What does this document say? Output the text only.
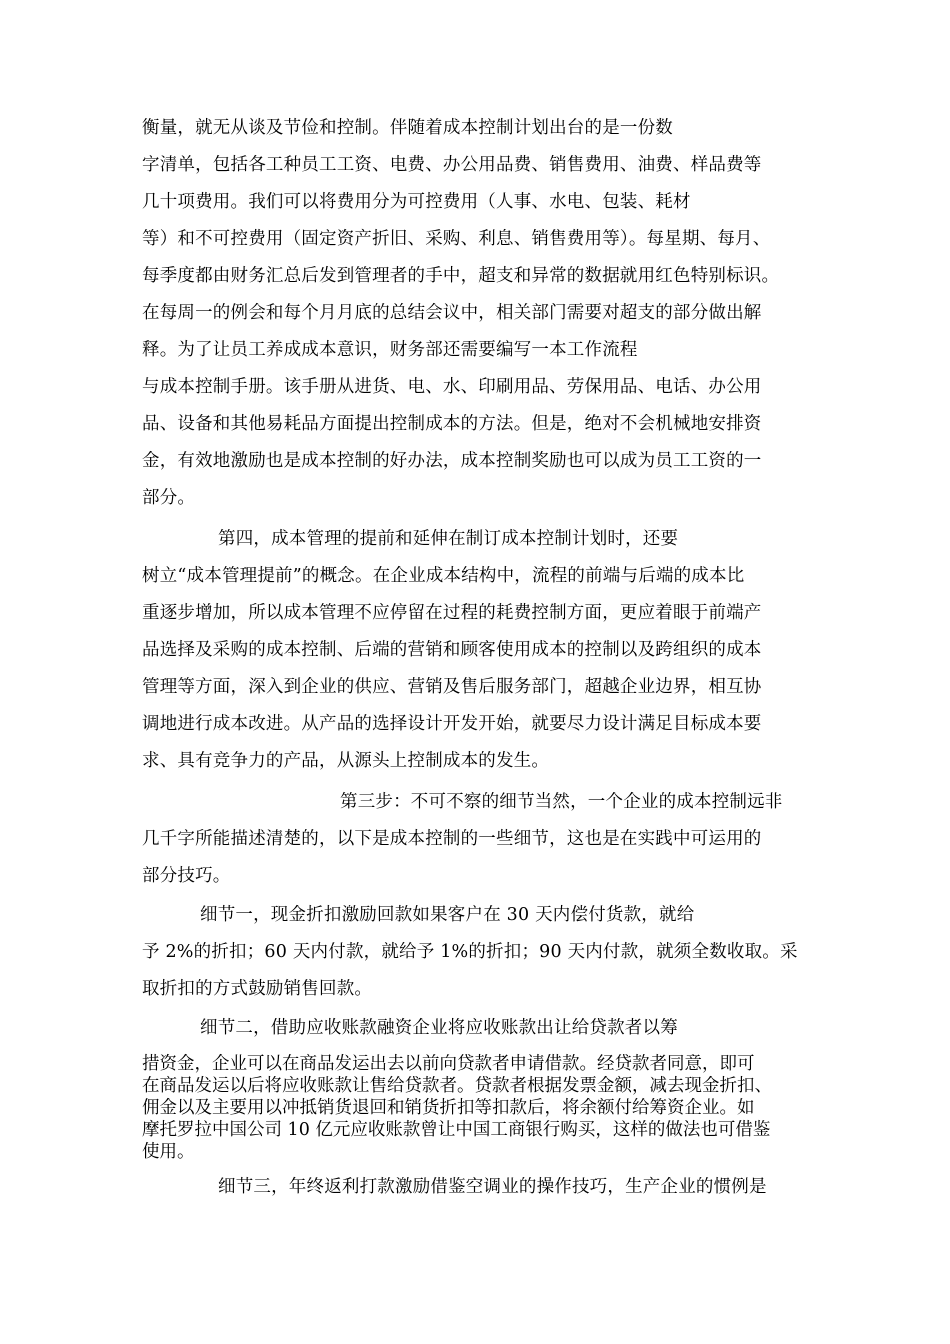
衡量，就无从谈及节俭和控制。伴随着成本控制计划出台的是一份数
字清单，包括各工种员工工资、电费、办公用品费、销售费用、油费、样品费等
几十项费用。我们可以将费用分为可控费用（人事、水电、包装、耗材
等）和不可控费用（固定资产折旧、采购、利息、销售费用等）。每星期、每月、
每季度都由财务汇总后发到管理者的手中，超支和异常的数据就用红色特别标识。
在每周一的例会和每个月月底的总结会议中，相关部门需要对超支的部分做出解
释。为了让员工养成成本意识，财务部还需要编写一本工作流程
与成本控制手册。该手册从进货、电、水、印刷用品、劳保用品、电话、办公用
品、设备和其他易耗品方面提出控制成本的方法。但是，绝对不会机械地安排资
金，有效地激励也是成本控制的好办法，成本控制奖励也可以成为员工工资的一
部分。
第四，成本管理的提前和延伸在制订成本控制计划时，还要
树立“成本管理提前”的概念。在企业成本结构中，流程的前端与后端的成本比
重逐步增加，所以成本管理不应停留在过程的耗费控制方面，更应着眼于前端产
品选择及采购的成本控制、后端的营销和顾客使用成本的控制以及跨组织的成本
管理等方面，深入到企业的供应、营销及售后服务部门，超越企业边界，相互协
调地进行成本改进。从产品的选择设计开发开始，就要尽力设计满足目标成本要
求、具有竞争力的产品，从源头上控制成本的发生。
第三步：不可不察的细节当然，一个企业的成本控制远非
几千字所能描述清楚的，以下是成本控制的一些细节，这也是在实践中可运用的
部分技巧。
细节一，现金折扣激励回款如果客户在 30 天内偿付货款，就给
予 2%的折扣；60 天内付款，就给予 1%的折扣；90 天内付款，就须全数收取。采
取折扣的方式鼓励销售回款。
细节二，借助应收账款融资企业将应收账款出让给贷款者以筹
措资金，企业可以在商品发运出去以前向贷款者申请借款。经贷款者同意，即可
在商品发运以后将应收账款让售给贷款者。贷款者根据发票金额，减去现金折扣、
佣金以及主要用以冲抵销货退回和销货折扣等扣款后，将余额付给筹资企业。如
摩托罗拉中国公司 10 亿元应收账款曾让中国工商银行购买，这样的做法也可借鉴
使用。
细节三，年终返利打款激励借鉴空调业的操作技巧，生产企业的惯例是
